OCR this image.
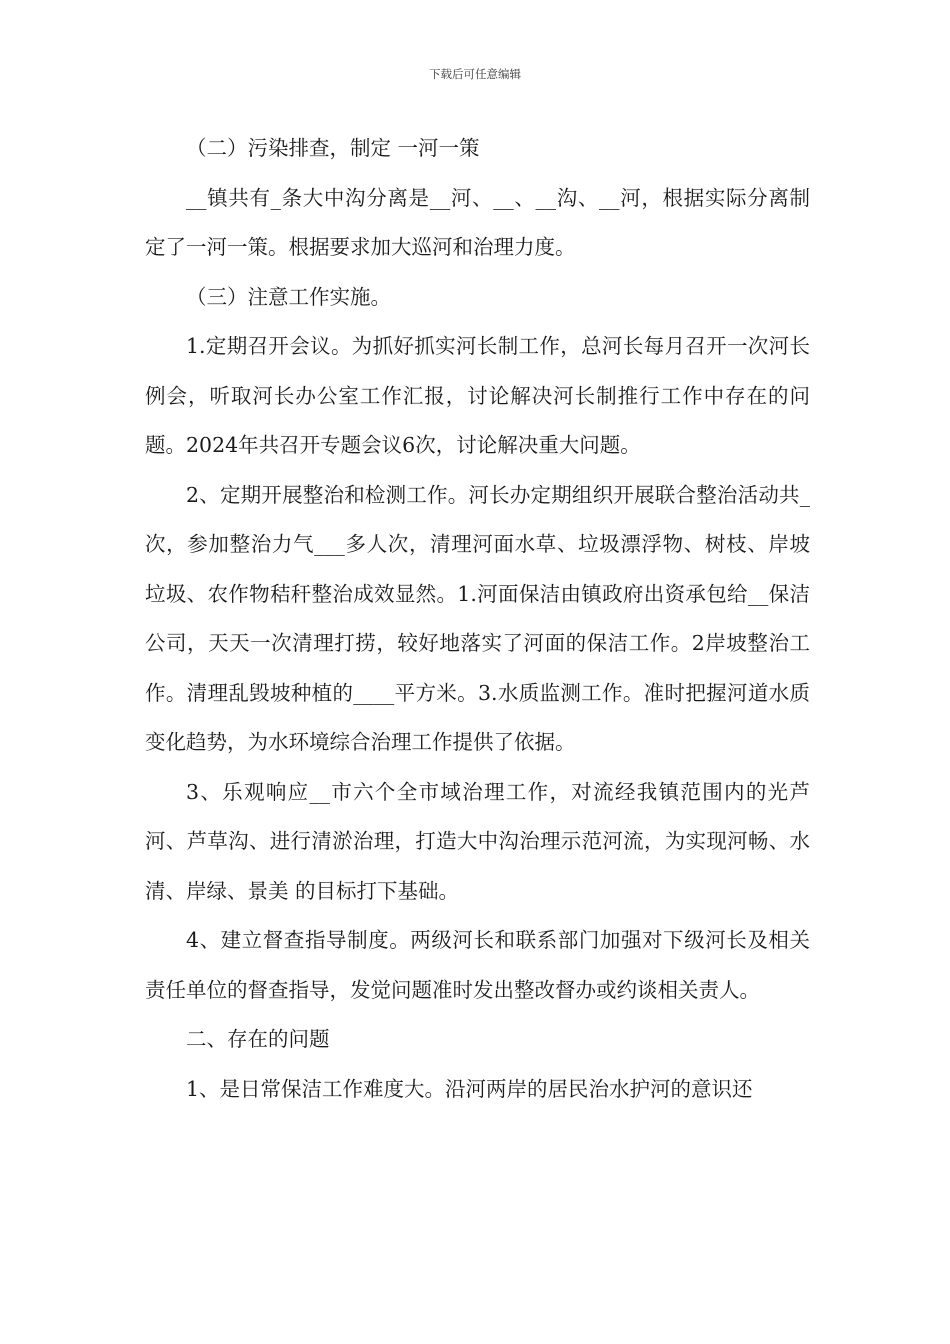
下载后可任意编辑

（二）污染排查，制定 一河一策

__镇共有_条大中沟分离是__河、__、__沟、__河，根据实际分离制定了一河一策。根据要求加大巡河和治理力度。

（三）注意工作实施。

1.定期召开会议。为抓好抓实河长制工作，总河长每月召开一次河长例会，听取河长办公室工作汇报，讨论解决河长制推行工作中存在的问题。2024年共召开专题会议6次，讨论解决重大问题。

2、定期开展整治和检测工作。河长办定期组织开展联合整治活动共_次，参加整治力气___多人次，清理河面水草、垃圾漂浮物、树枝、岸坡垃圾、农作物秸秆整治成效显然。1.河面保洁由镇政府出资承包给__保洁公司，天天一次清理打捞，较好地落实了河面的保洁工作。2岸坡整治工作。清理乱毁坡种植的____平方米。3.水质监测工作。准时把握河道水质变化趋势，为水环境综合治理工作提供了依据。

3、乐观响应__市六个全市域治理工作，对流经我镇范围内的光芦河、芦草沟、进行清淤治理，打造大中沟治理示范河流，为实现河畅、水清、岸绿、景美 的目标打下基础。

4、建立督查指导制度。两级河长和联系部门加强对下级河长及相关责任单位的督查指导，发觉问题准时发出整改督办或约谈相关责人。

二、存在的问题

1、是日常保洁工作难度大。沿河两岸的居民治水护河的意识还
